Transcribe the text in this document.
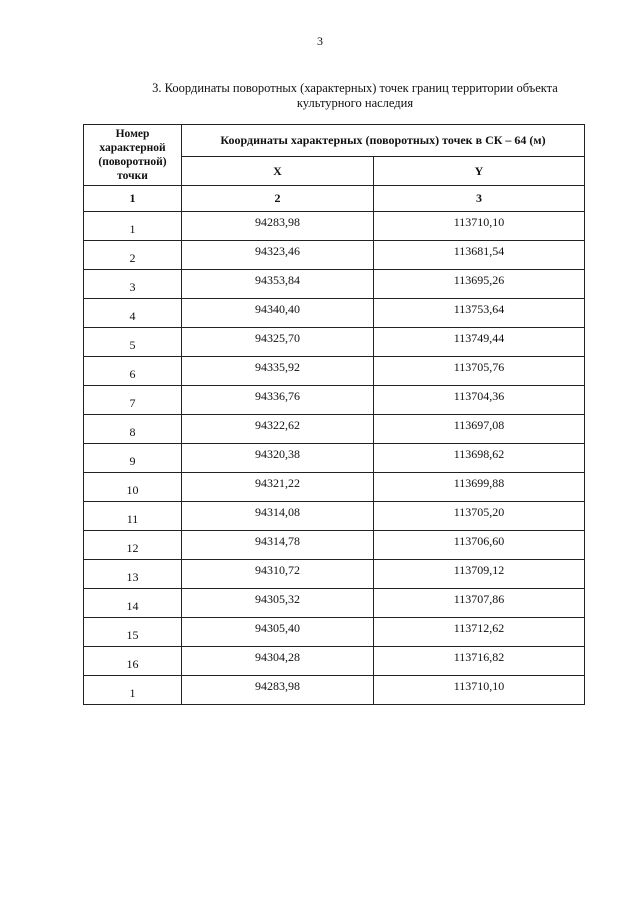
3
3. Координаты поворотных (характерных) точек границ территории объекта
культурного наследия
Номер
характерной
(поворотной)
точки	Координаты характерных (поворотных) точек в СК – 64 (м)	
	X	Y
1	2	3
1	94283,98	113710,10
2	94323,46	113681,54
3	94353,84	113695,26
4	94340,40	113753,64
5	94325,70	113749,44
6	94335,92	113705,76
7	94336,76	113704,36
8	94322,62	113697,08
9	94320,38	113698,62
10	94321,22	113699,88
11	94314,08	113705,20
12	94314,78	113706,60
13	94310,72	113709,12
14	94305,32	113707,86
15	94305,40	113712,62
16	94304,28	113716,82
1	94283,98	113710,10
